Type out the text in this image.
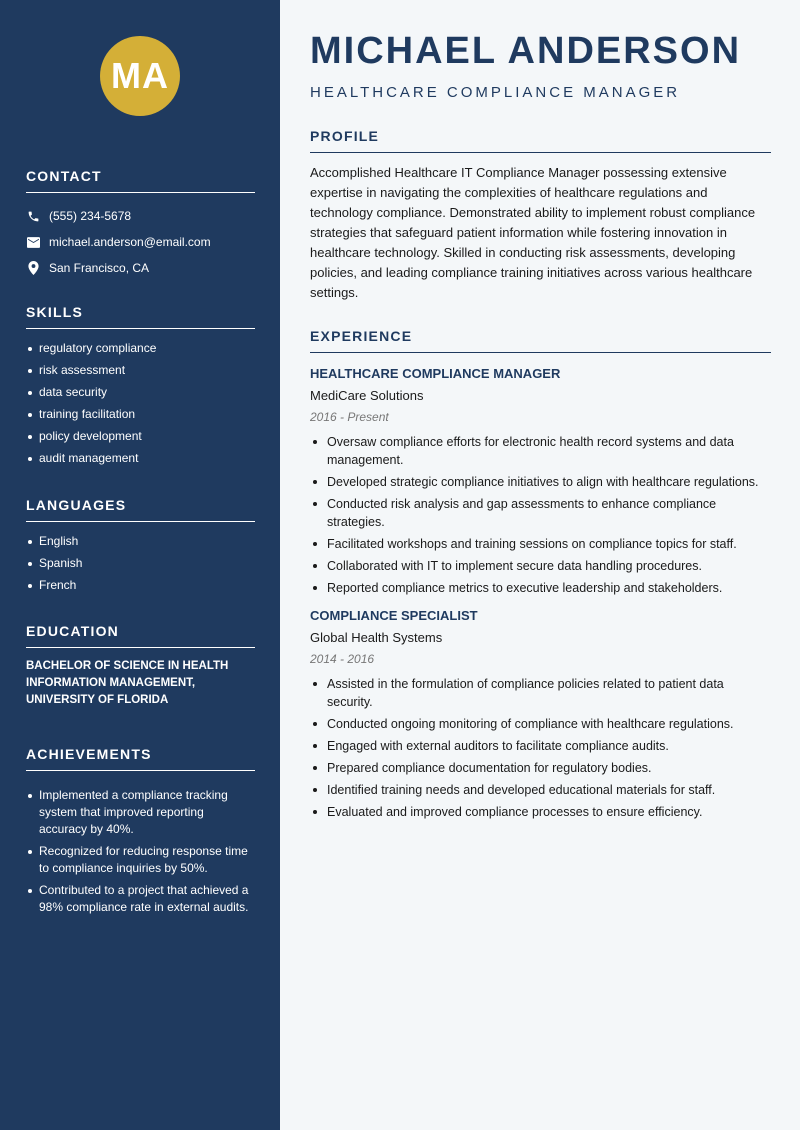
MA
CONTACT
(555) 234-5678
michael.anderson@email.com
San Francisco, CA
SKILLS
regulatory compliance
risk assessment
data security
training facilitation
policy development
audit management
LANGUAGES
English
Spanish
French
EDUCATION

BACHELOR OF SCIENCE IN HEALTH INFORMATION MANAGEMENT, UNIVERSITY OF FLORIDA

ACHIEVEMENTS
Implemented a compliance tracking system that improved reporting accuracy by 40%.
Recognized for reducing response time to compliance inquiries by 50%.
Contributed to a project that achieved a 98% compliance rate in external audits.
MICHAEL ANDERSON

HEALTHCARE COMPLIANCE MANAGER

PROFILE

Accomplished Healthcare IT Compliance Manager possessing extensive expertise in navigating the complexities of healthcare regulations and technology compliance. Demonstrated ability to implement robust compliance strategies that safeguard patient information while fostering innovation in healthcare technology. Skilled in conducting risk assessments, developing policies, and leading compliance training initiatives across various healthcare settings.

EXPERIENCE
HEALTHCARE COMPLIANCE MANAGER

MediCare Solutions

2016 - Present

Oversaw compliance efforts for electronic health record systems and data management.
Developed strategic compliance initiatives to align with healthcare regulations.
Conducted risk analysis and gap assessments to enhance compliance strategies.
Facilitated workshops and training sessions on compliance topics for staff.
Collaborated with IT to implement secure data handling procedures.
Reported compliance metrics to executive leadership and stakeholders.
COMPLIANCE SPECIALIST

Global Health Systems

2014 - 2016

Assisted in the formulation of compliance policies related to patient data security.
Conducted ongoing monitoring of compliance with healthcare regulations.
Engaged with external auditors to facilitate compliance audits.
Prepared compliance documentation for regulatory bodies.
Identified training needs and developed educational materials for staff.
Evaluated and improved compliance processes to ensure efficiency.
